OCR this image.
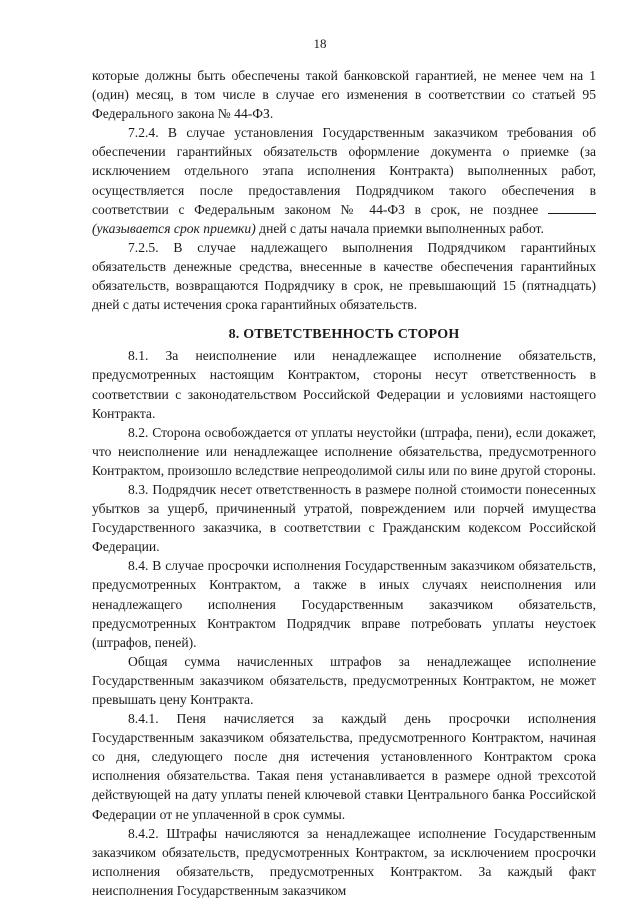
18

которые должны быть обеспечены такой банковской гарантией, не менее чем на 1 (один) месяц, в том числе в случае его изменения в соответствии со статьей 95 Федерального закона № 44-ФЗ.

7.2.4. В случае установления Государственным заказчиком требования об обеспечении гарантийных обязательств оформление документа о приемке (за исключением отдельного этапа исполнения Контракта) выполненных работ, осуществляется после предоставления Подрядчиком такого обеспечения в соответствии с Федеральным законом № 44-ФЗ в срок, не позднее  (указывается срок приемки) дней с даты начала приемки выполненных работ.

7.2.5. В случае надлежащего выполнения Подрядчиком гарантийных обязательств денежные средства, внесенные в качестве обеспечения гарантийных обязательств, возвращаются Подрядчику в срок, не превышающий 15 (пятнадцать) дней с даты истечения срока гарантийных обязательств.

8. ОТВЕТСТВЕННОСТЬ СТОРОН

8.1. За неисполнение или ненадлежащее исполнение обязательств, предусмотренных настоящим Контрактом, стороны несут ответственность в соответствии с законодательством Российской Федерации и условиями настоящего Контракта.

8.2. Сторона освобождается от уплаты неустойки (штрафа, пени), если докажет, что неисполнение или ненадлежащее исполнение обязательства, предусмотренного Контрактом, произошло вследствие непреодолимой силы или по вине другой стороны.

8.3. Подрядчик несет ответственность в размере полной стоимости понесенных убытков за ущерб, причиненный утратой, повреждением или порчей имущества Государственного заказчика, в соответствии с Гражданским кодексом Российской Федерации.

8.4. В случае просрочки исполнения Государственным заказчиком обязательств, предусмотренных Контрактом, а также в иных случаях неисполнения или ненадлежащего исполнения Государственным заказчиком обязательств, предусмотренных Контрактом Подрядчик вправе потребовать уплаты неустоек (штрафов, пеней).

Общая сумма начисленных штрафов за ненадлежащее исполнение Государственным заказчиком обязательств, предусмотренных Контрактом, не может превышать цену Контракта.

8.4.1. Пеня начисляется за каждый день просрочки исполнения Государственным заказчиком обязательства, предусмотренного Контрактом, начиная со дня, следующего после дня истечения установленного Контрактом срока исполнения обязательства. Такая пеня устанавливается в размере одной трехсотой действующей на дату уплаты пеней ключевой ставки Центрального банка Российской Федерации от не уплаченной в срок суммы.

8.4.2. Штрафы начисляются за ненадлежащее исполнение Государственным заказчиком обязательств, предусмотренных Контрактом, за исключением просрочки исполнения обязательств, предусмотренных Контрактом. За каждый факт неисполнения Государственным заказчиком
